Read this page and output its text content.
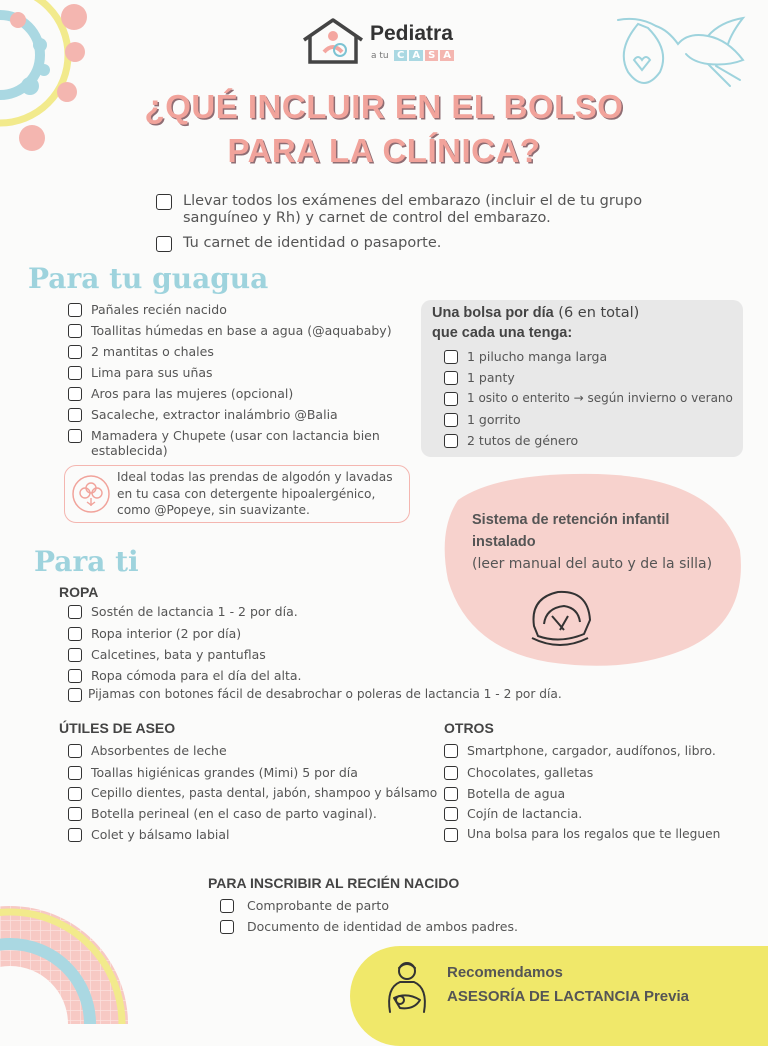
Pediatra
a tu C A S A
¿QUÉ INCLUIR EN EL BOLSO
PARA LA CLÍNICA?
Llevar todos los exámenes del embarazo (incluir el de tu grupo sanguíneo y Rh) y carnet de control del embarazo.
Tu carnet de identidad o pasaporte.
Para tu guagua
Pañales recién nacido
Toallitas húmedas en base a agua (@aquababy)
2 mantitas o chales
Lima para sus uñas
Aros para las mujeres (opcional)
Sacaleche, extractor inalámbrio @Balia
Mamadera y Chupete (usar con lactancia bien establecida)
Ideal todas las prendas de algodón y lavadas en tu casa con detergente hipoalergénico, como @Popeye, sin suavizante.
Una bolsa por día (6 en total)
que cada una tenga:
1 pilucho manga larga
1 panty
1 osito o enterito → según invierno o verano
1 gorrito
2 tutos de género
Sistema de retención infantil
instalado
(leer manual del auto y de la silla)
Para ti
ROPA
Sostén de lactancia 1 - 2 por día.
Ropa interior (2 por día)
Calcetines, bata y pantuflas
Ropa cómoda para el día del alta.
Pijamas con botones fácil de desabrochar o poleras de lactancia 1 - 2 por día.
ÚTILES DE ASEO
Absorbentes de leche
Toallas higiénicas grandes (Mimi) 5 por día
Cepillo dientes, pasta dental, jabón, shampoo y bálsamo
Botella perineal (en el caso de parto vaginal).
Colet y bálsamo labial
OTROS
Smartphone, cargador, audífonos, libro.
Chocolates, galletas
Botella de agua
Cojín de lactancia.
Una bolsa para los regalos que te lleguen
PARA INSCRIBIR AL RECIÉN NACIDO
Comprobante de parto
Documento de identidad de ambos padres.
Recomendamos
ASESORÍA DE LACTANCIA Previa
